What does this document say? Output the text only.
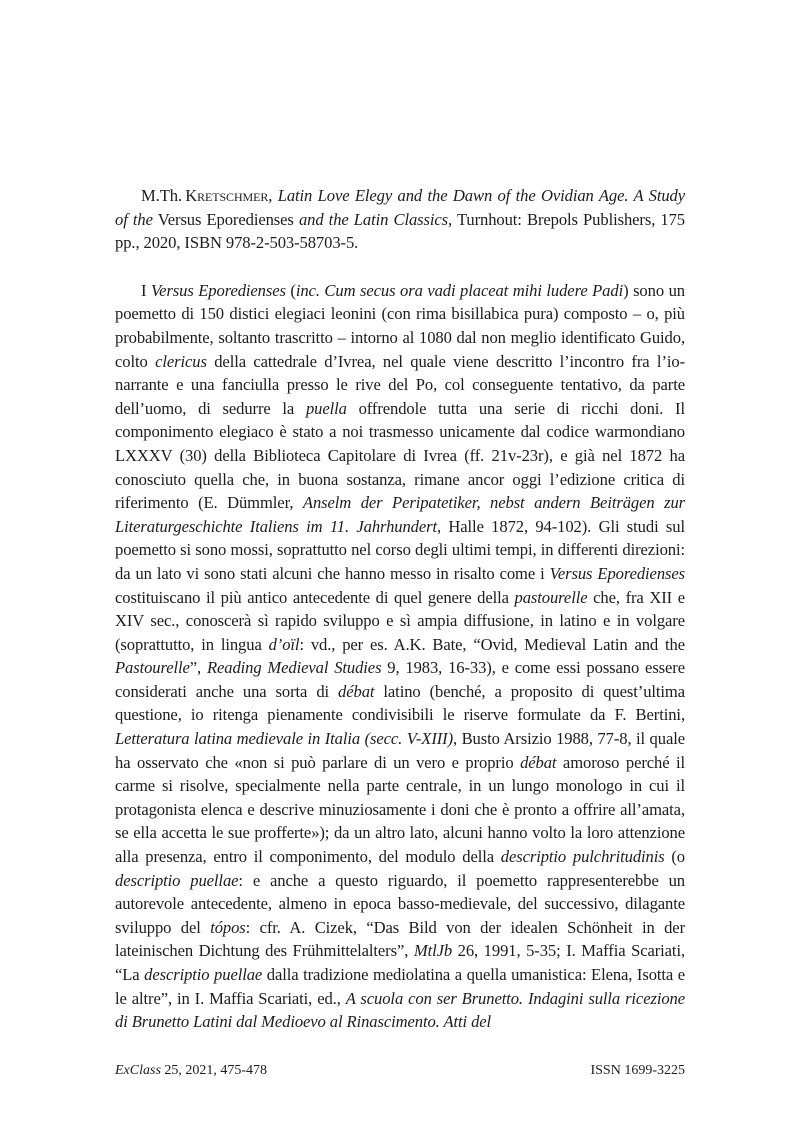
M.Th.  Kretschmer, Latin Love Elegy and the Dawn of the Ovidian Age. A Study of the Versus Eporedienses and the Latin Classics, Turnhout: Brepols Publishers, 175 pp., 2020, ISBN 978-2-503-58703-5.

I Versus Eporedienses (inc. Cum secus ora vadi placeat mihi ludere Padi) sono un poemetto di 150 distici elegiaci leonini (con rima bisillabica pura) composto – o, più probabilmente, soltanto trascritto – intorno al 1080 dal non meglio identificato Guido, colto clericus della cattedrale d’Ivrea, nel quale viene descritto l’incontro fra l’io-narrante e una fanciulla presso le rive del Po, col conseguente tentativo, da parte dell’uomo, di sedurre la puella offrendole tutta una serie di ricchi doni. Il componimento elegiaco è stato a noi trasmesso unicamente dal codice warmondiano LXXXV (30) della Biblioteca Capitolare di Ivrea (ff. 21v-23r), e già nel 1872 ha conosciuto quella che, in buona sostanza, rimane ancor oggi l’edizione critica di riferimento (E. Dümmler, Anselm der Peripatetiker, nebst andern Beiträgen zur Literaturgeschichte Italiens im 11. Jahrhundert, Halle 1872, 94-102). Gli studi sul poemetto si sono mossi, soprattutto nel corso degli ultimi tempi, in differenti direzioni: da un lato vi sono stati alcuni che hanno messo in risalto come i Versus Eporedienses costituiscano il più antico antecedente di quel genere della pastourelle che, fra XII e XIV sec., conoscerà sì rapido sviluppo e sì ampia diffusione, in latino e in volgare (soprattutto, in lingua d’oïl: vd., per es. A.K. Bate, “Ovid, Medieval Latin and the Pastourelle”, Reading Medieval Studies 9, 1983, 16-33), e come essi possano essere considerati anche una sorta di débat latino (benché, a proposito di quest’ultima questione, io ritenga pienamente condivisibili le riserve formulate da F. Bertini, Letteratura latina medievale in Italia (secc. V-XIII), Busto Arsizio 1988, 77-8, il quale ha osservato che «non si può parlare di un vero e proprio débat amoroso perché il carme si risolve, specialmente nella parte centrale, in un lungo monologo in cui il protagonista elenca e descrive minuziosamente i doni che è pronto a offrire all’amata, se ella accetta le sue profferte»); da un altro lato, alcuni hanno volto la loro attenzione alla presenza, entro il componimento, del modulo della descriptio pulchritudinis (o descriptio puellae: e anche a questo riguardo, il poemetto rappresenterebbe un autorevole antecedente, almeno in epoca basso-medievale, del successivo, dilagante sviluppo del tópos: cfr. A. Cizek, “Das Bild von der idealen Schönheit in der lateinischen Dichtung des Frühmittelalters”, MtlJb 26, 1991, 5-35; I. Maffia Scariati, “La descriptio puellae dalla tradizione mediolatina a quella umanistica: Elena, Isotta e le altre”, in I. Maffia Scariati, ed., A scuola con ser Brunetto. Indagini sulla ricezione di Brunetto Latini dal Medioevo al Rinascimento. Atti del

ExClass 25, 2021, 475-478	ISSN 1699-3225
